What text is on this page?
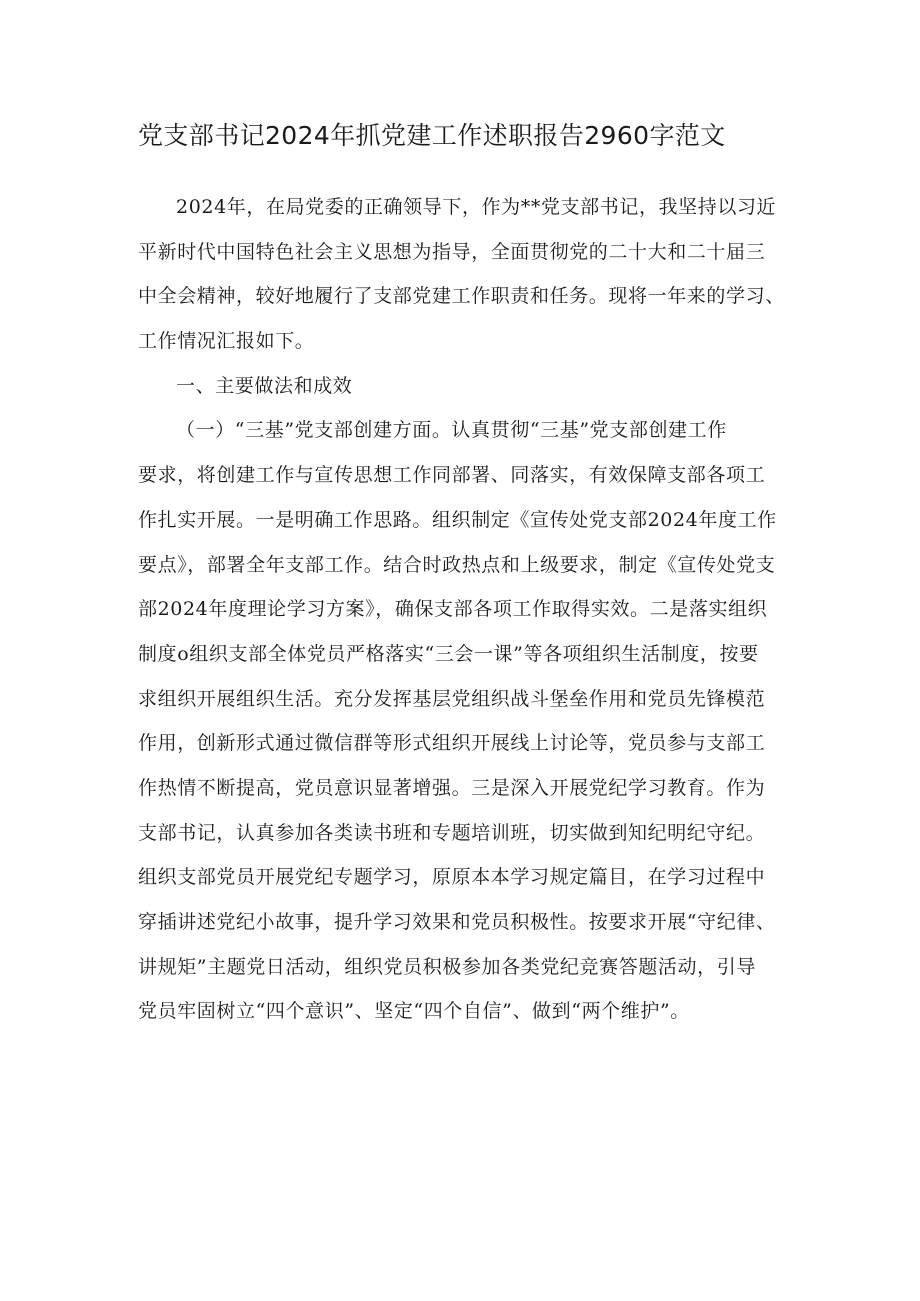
党支部书记2024年抓党建工作述职报告2960字范文
2024年，在局党委的正确领导下，作为**党支部书记，我坚持以习近
平新时代中国特色社会主义思想为指导，全面贯彻党的二十大和二十届三
中全会精神，较好地履行了支部党建工作职责和任务。现将一年来的学习、
工作情况汇报如下。
一、主要做法和成效
（一）“三基”党支部创建方面。认真贯彻“三基”党支部创建工作
要求，将创建工作与宣传思想工作同部署、同落实，有效保障支部各项工
作扎实开展。一是明确工作思路。组织制定《宣传处党支部2024年度工作
要点》，部署全年支部工作。结合时政热点和上级要求，制定《宣传处党支
部2024年度理论学习方案》，确保支部各项工作取得实效。二是落实组织
制度o组织支部全体党员严格落实“三会一课”等各项组织生活制度，按要
求组织开展组织生活。充分发挥基层党组织战斗堡垒作用和党员先锋模范
作用，创新形式通过微信群等形式组织开展线上讨论等，党员参与支部工
作热情不断提高，党员意识显著增强。三是深入开展党纪学习教育。作为
支部书记，认真参加各类读书班和专题培训班，切实做到知纪明纪守纪。
组织支部党员开展党纪专题学习，原原本本学习规定篇目，在学习过程中
穿插讲述党纪小故事，提升学习效果和党员积极性。按要求开展“守纪律、
讲规矩”主题党日活动，组织党员积极参加各类党纪竞赛答题活动，引导
党员牢固树立“四个意识”、坚定“四个自信”、做到“两个维护”。
